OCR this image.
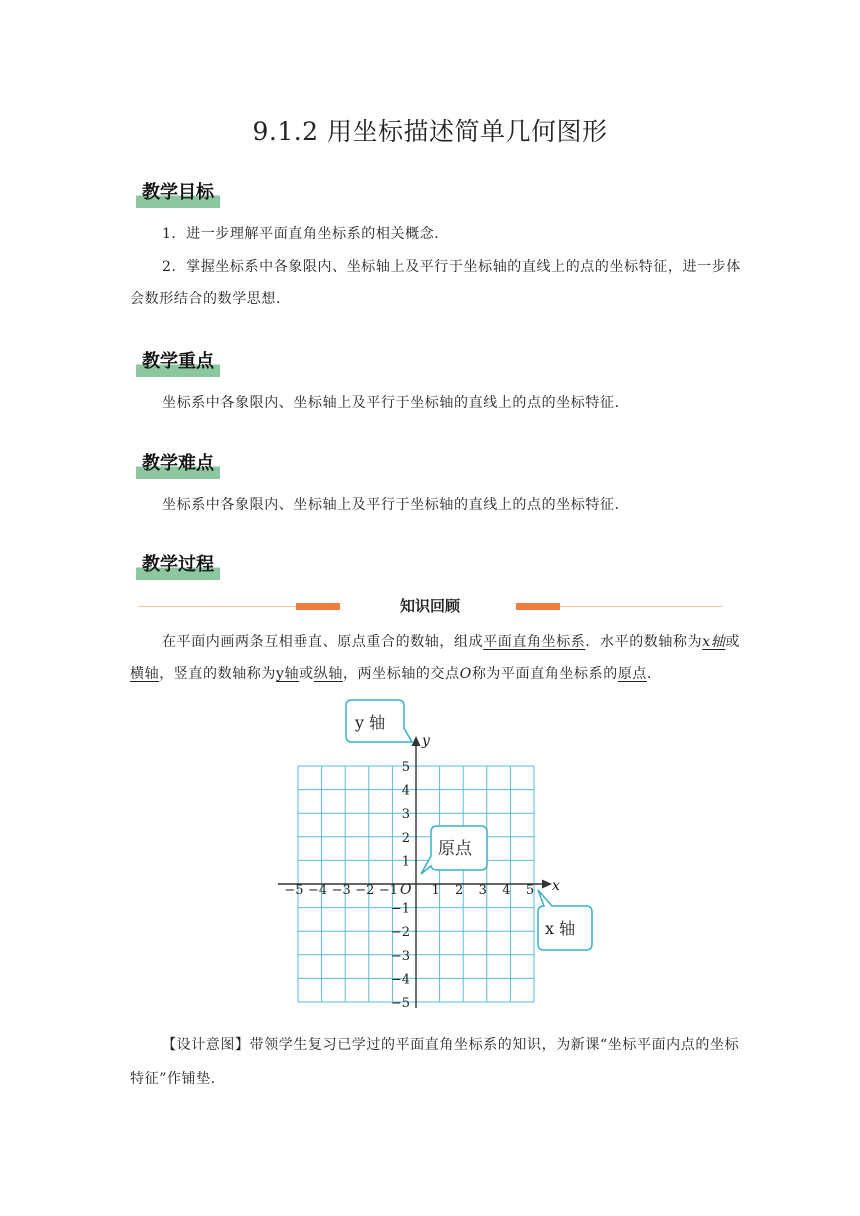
9.1.2 用坐标描述简单几何图形
教学目标
1．进一步理解平面直角坐标系的相关概念．
2．掌握坐标系中各象限内、坐标轴上及平行于坐标轴的直线上的点的坐标特征，进一步体会数形结合的数学思想．
教学重点
坐标系中各象限内、坐标轴上及平行于坐标轴的直线上的点的坐标特征．
教学难点
坐标系中各象限内、坐标轴上及平行于坐标轴的直线上的点的坐标特征．
教学过程
知识回顾
在平面内画两条互相垂直、原点重合的数轴，组成平面直角坐标系．水平的数轴称为x轴或横轴，竖直的数轴称为y轴或纵轴，两坐标轴的交点O称为平面直角坐标系的原点．
−5 −4 −3 −2 −1	1 2 3 4 5
5
4
3
2
1
−1
−2
−3
−4
−5
x
y
O
y 轴
原点
x 轴
【设计意图】带领学生复习已学过的平面直角坐标系的知识，为新课“坐标平面内点的坐标特征”作铺垫．
